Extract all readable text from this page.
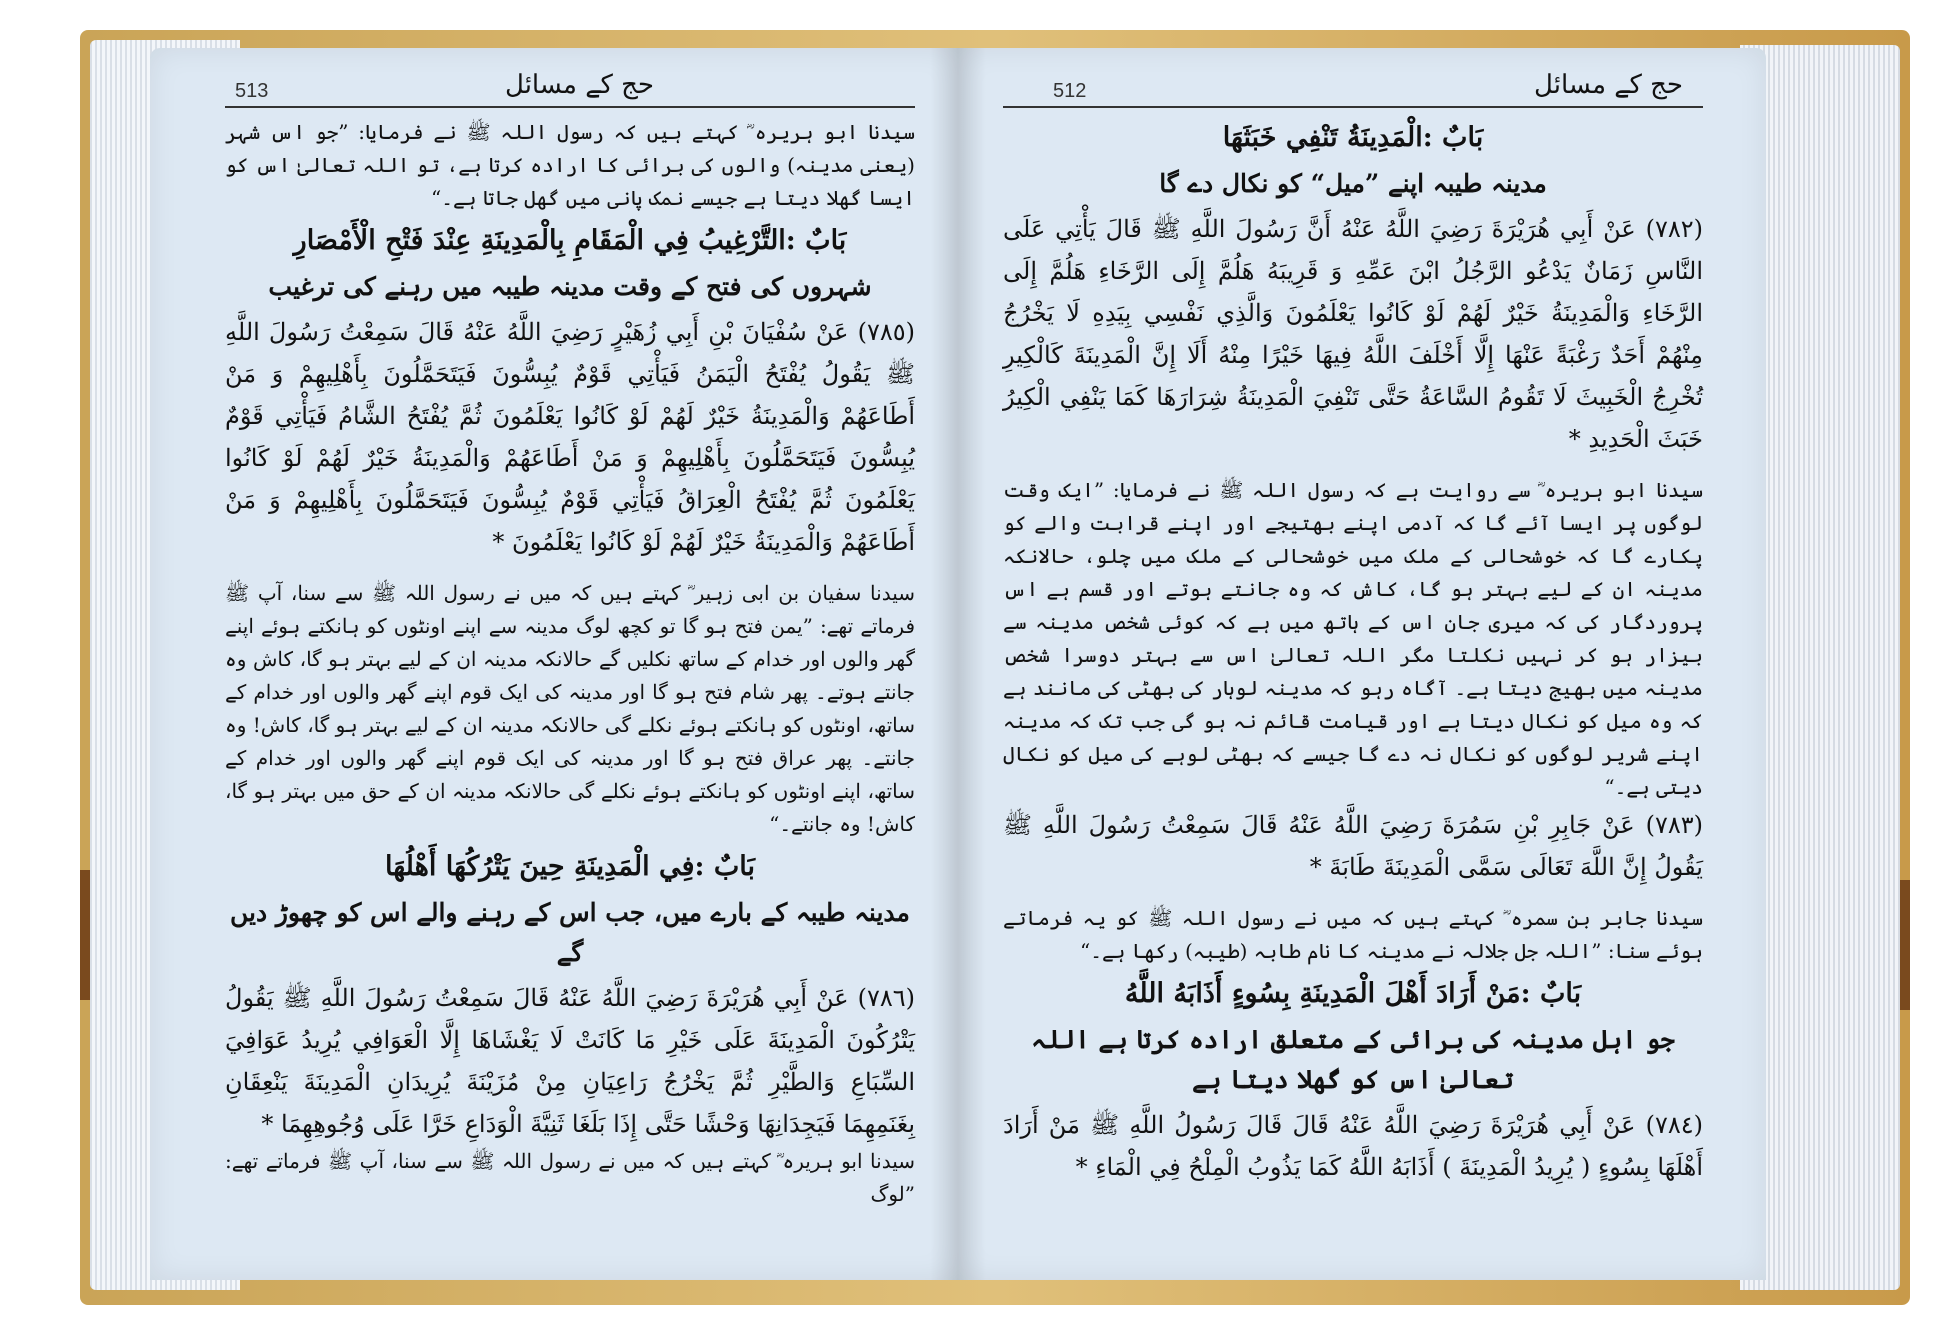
513	حج کے مسائل

سیدنا ابو ہریرہ ؓ کہتے ہیں کہ رسول اللہ ﷺ نے فرمایا: ”جو اس شہر (یعنی مدینہ) والوں کی برائی کا ارادہ کرتا ہے، تو اللہ تعالیٰ اس کو ایسا گھلا دیتا ہے جیسے نمک پانی میں گھل جاتا ہے۔“

بَابٌ :التَّرْغِيبُ فِي الْمَقَامِ بِالْمَدِينَةِ عِنْدَ فَتْحِ الْأَمْصَارِ
شہروں کی فتح کے وقت مدینہ طیبہ میں رہنے کی ترغیب

(٧٨٥) عَنْ سُفْيَانَ بْنِ أَبِي زُهَيْرٍ رَضِيَ اللَّهُ عَنْهُ قَالَ سَمِعْتُ رَسُولَ اللَّهِ ﷺ يَقُولُ يُفْتَحُ الْيَمَنُ فَيَأْتِي قَوْمٌ يُبِسُّونَ فَيَتَحَمَّلُونَ بِأَهْلِيهِمْ وَ مَنْ أَطَاعَهُمْ وَالْمَدِينَةُ خَيْرٌ لَهُمْ لَوْ كَانُوا يَعْلَمُونَ ثُمَّ يُفْتَحُ الشَّامُ فَيَأْتِي قَوْمٌ يُبِسُّونَ فَيَتَحَمَّلُونَ بِأَهْلِيهِمْ وَ مَنْ أَطَاعَهُمْ وَالْمَدِينَةُ خَيْرٌ لَهُمْ لَوْ كَانُوا يَعْلَمُونَ ثُمَّ يُفْتَحُ الْعِرَاقُ فَيَأْتِي قَوْمٌ يُبِسُّونَ فَيَتَحَمَّلُونَ بِأَهْلِيهِمْ وَ مَنْ أَطَاعَهُمْ وَالْمَدِينَةُ خَيْرٌ لَهُمْ لَوْ كَانُوا يَعْلَمُونَ *

سیدنا سفیان بن ابی زہیر ؓ کہتے ہیں کہ میں نے رسول اللہ ﷺ سے سنا، آپ ﷺ فرماتے تھے: ”یمن فتح ہو گا تو کچھ لوگ مدینہ سے اپنے اونٹوں کو ہانکتے ہوئے اپنے گھر والوں اور خدام کے ساتھ نکلیں گے حالانکہ مدینہ ان کے لیے بہتر ہو گا، کاش وہ جانتے ہوتے۔ پھر شام فتح ہو گا اور مدینہ کی ایک قوم اپنے گھر والوں اور خدام کے ساتھ، اونٹوں کو ہانکتے ہوئے نکلے گی حالانکہ مدینہ ان کے لیے بہتر ہو گا، کاش! وہ جانتے۔ پھر عراق فتح ہو گا اور مدینہ کی ایک قوم اپنے گھر والوں اور خدام کے ساتھ، اپنے اونٹوں کو ہانکتے ہوئے نکلے گی حالانکہ مدینہ ان کے حق میں بہتر ہو گا، کاش! وہ جانتے۔“

بَابٌ :فِي الْمَدِينَةِ حِينَ يَتْرُكُهَا أَهْلُهَا
مدینہ طیبہ کے بارے میں، جب اس کے رہنے والے اس کو چھوڑ دیں گے

(٧٨٦) عَنْ أَبِي هُرَيْرَةَ رَضِيَ اللَّهُ عَنْهُ قَالَ سَمِعْتُ رَسُولَ اللَّهِ ﷺ يَقُولُ يَتْرُكُونَ الْمَدِينَةَ عَلَى خَيْرِ مَا كَانَتْ لَا يَغْشَاهَا إِلَّا الْعَوَافِي يُرِيدُ عَوَافِيَ السِّبَاعِ وَالطَّيْرِ ثُمَّ يَخْرُجُ رَاعِيَانِ مِنْ مُزَيْنَةَ يُرِيدَانِ الْمَدِينَةَ يَنْعِقَانِ بِغَنَمِهِمَا فَيَجِدَانِهَا وَحْشًا حَتَّى إِذَا بَلَغَا ثَنِيَّةَ الْوَدَاعِ خَرَّا عَلَى وُجُوهِهِمَا *

سیدنا ابو ہریرہ ؓ کہتے ہیں کہ میں نے رسول اللہ ﷺ سے سنا، آپ ﷺ فرماتے تھے: ”لوگ

512	حج کے مسائل
بَابٌ :الْمَدِينَةُ تَنْفِي خَبَثَهَا
مدینہ طیبہ اپنے ”میل“ کو نکال دے گا

(٧٨٢) عَنْ أَبِي هُرَيْرَةَ رَضِيَ اللَّهُ عَنْهُ أَنَّ رَسُولَ اللَّهِ ﷺ قَالَ يَأْتِي عَلَى النَّاسِ زَمَانٌ يَدْعُو الرَّجُلُ ابْنَ عَمِّهِ وَ قَرِيبَهُ هَلُمَّ إِلَى الرَّخَاءِ هَلُمَّ إِلَى الرَّخَاءِ وَالْمَدِينَةُ خَيْرٌ لَهُمْ لَوْ كَانُوا يَعْلَمُونَ وَالَّذِي نَفْسِي بِيَدِهِ لَا يَخْرُجُ مِنْهُمْ أَحَدٌ رَغْبَةً عَنْهَا إِلَّا أَخْلَفَ اللَّهُ فِيهَا خَيْرًا مِنْهُ أَلَا إِنَّ الْمَدِينَةَ كَالْكِيرِ تُخْرِجُ الْخَبِيثَ لَا تَقُومُ السَّاعَةُ حَتَّى تَنْفِيَ الْمَدِينَةُ شِرَارَهَا كَمَا يَنْفِي الْكِيرُ خَبَثَ الْحَدِيدِ *

سیدنا ابو ہریرہ ؓ سے روایت ہے کہ رسول اللہ ﷺ نے فرمایا: ”ایک وقت لوگوں پر ایسا آئے گا کہ آدمی اپنے بھتیجے اور اپنے قرابت والے کو پکارے گا کہ خوشحالی کے ملک میں خوشحالی کے ملک میں چلو، حالانکہ مدینہ ان کے لیے بہتر ہو گا، کاش کہ وہ جانتے ہوتے اور قسم ہے اس پروردگار کی کہ میری جان اس کے ہاتھ میں ہے کہ کوئی شخص مدینہ سے بیزار ہو کر نہیں نکلتا مگر اللہ تعالیٰ اس سے بہتر دوسرا شخص مدینہ میں بھیج دیتا ہے۔ آگاہ رہو کہ مدینہ لوہار کی بھٹی کی مانند ہے کہ وہ میل کو نکال دیتا ہے اور قیامت قائم نہ ہو گی جب تک کہ مدینہ اپنے شریر لوگوں کو نکال نہ دے گا جیسے کہ بھٹی لوہے کی میل کو نکال دیتی ہے۔“

(٧٨٣) عَنْ جَابِرِ بْنِ سَمُرَةَ رَضِيَ اللَّهُ عَنْهُ قَالَ سَمِعْتُ رَسُولَ اللَّهِ ﷺ يَقُولُ إِنَّ اللَّهَ تَعَالَى سَمَّى الْمَدِينَةَ طَابَةَ *

سیدنا جابر بن سمرہ ؓ کہتے ہیں کہ میں نے رسول اللہ ﷺ کو یہ فرماتے ہوئے سنا: ”اللہ جل جلالہ نے مدینہ کا نام طابہ (طیبہ) رکھا ہے۔“

بَابٌ :مَنْ أَرَادَ أَهْلَ الْمَدِينَةِ بِسُوءٍ أَذَابَهُ اللَّهُ
جو اہل مدینہ کی برائی کے متعلق ارادہ کرتا ہے اللہ تعالیٰ اس کو گھلا دیتا ہے

(٧٨٤) عَنْ أَبِي هُرَيْرَةَ رَضِيَ اللَّهُ عَنْهُ قَالَ قَالَ رَسُولُ اللَّهِ ﷺ مَنْ أَرَادَ أَهْلَهَا بِسُوءٍ ( يُرِيدُ الْمَدِينَةَ ) أَذَابَهُ اللَّهُ كَمَا يَذُوبُ الْمِلْحُ فِي الْمَاءِ *
